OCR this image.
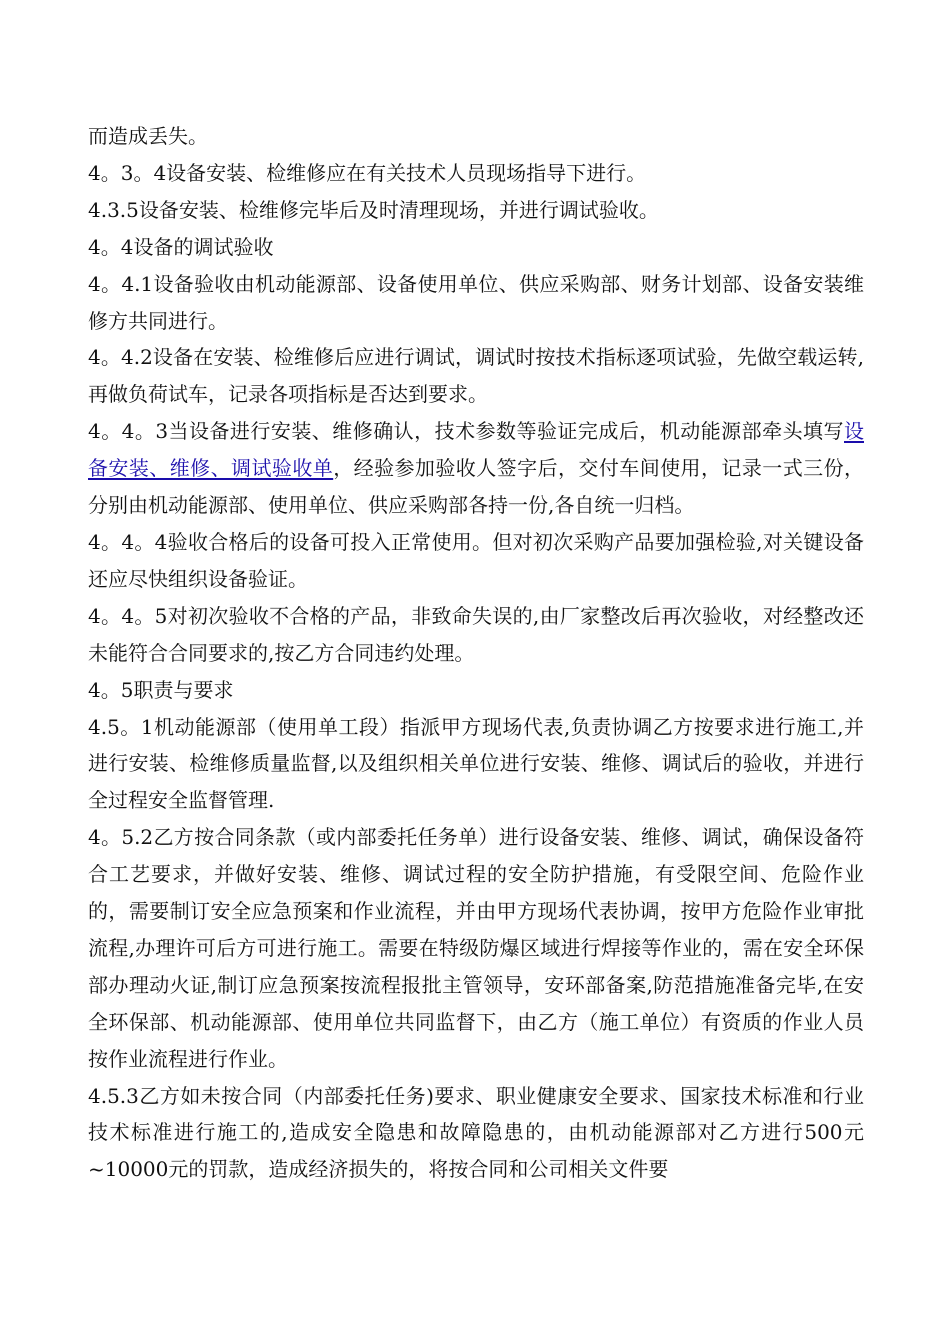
而造成丢失。

4。3。4设备安装、检维修应在有关技术人员现场指导下进行。

4.3.5设备安装、检维修完毕后及时清理现场，并进行调试验收。

4。4设备的调试验收

4。4.1设备验收由机动能源部、设备使用单位、供应采购部、财务计划部、设备安装维修方共同进行。

4。4.2设备在安装、检维修后应进行调试，调试时按技术指标逐项试验，先做空载运转,再做负荷试车，记录各项指标是否达到要求。

4。4。3当设备进行安装、维修确认，技术参数等验证完成后，机动能源部牵头填写设备安装、维修、调试验收单，经验参加验收人签字后，交付车间使用，记录一式三份，分别由机动能源部、使用单位、供应采购部各持一份,各自统一归档。

4。4。4验收合格后的设备可投入正常使用。但对初次采购产品要加强检验,对关键设备还应尽快组织设备验证。

4。4。5对初次验收不合格的产品，非致命失误的,由厂家整改后再次验收，对经整改还未能符合合同要求的,按乙方合同违约处理。

4。5职责与要求

4.5。1机动能源部（使用单工段）指派甲方现场代表,负责协调乙方按要求进行施工,并进行安装、检维修质量监督,以及组织相关单位进行安装、维修、调试后的验收，并进行全过程安全监督管理.

4。5.2乙方按合同条款（或内部委托任务单）进行设备安装、维修、调试，确保设备符合工艺要求，并做好安装、维修、调试过程的安全防护措施，有受限空间、危险作业的，需要制订安全应急预案和作业流程，并由甲方现场代表协调，按甲方危险作业审批流程,办理许可后方可进行施工。需要在特级防爆区域进行焊接等作业的，需在安全环保部办理动火证,制订应急预案按流程报批主管领导，安环部备案,防范措施准备完毕,在安全环保部、机动能源部、使用单位共同监督下，由乙方（施工单位）有资质的作业人员按作业流程进行作业。

4.5.3乙方如未按合同（内部委托任务)要求、职业健康安全要求、国家技术标准和行业技术标准进行施工的,造成安全隐患和故障隐患的，由机动能源部对乙方进行500元~10000元的罚款，造成经济损失的，将按合同和公司相关文件要
